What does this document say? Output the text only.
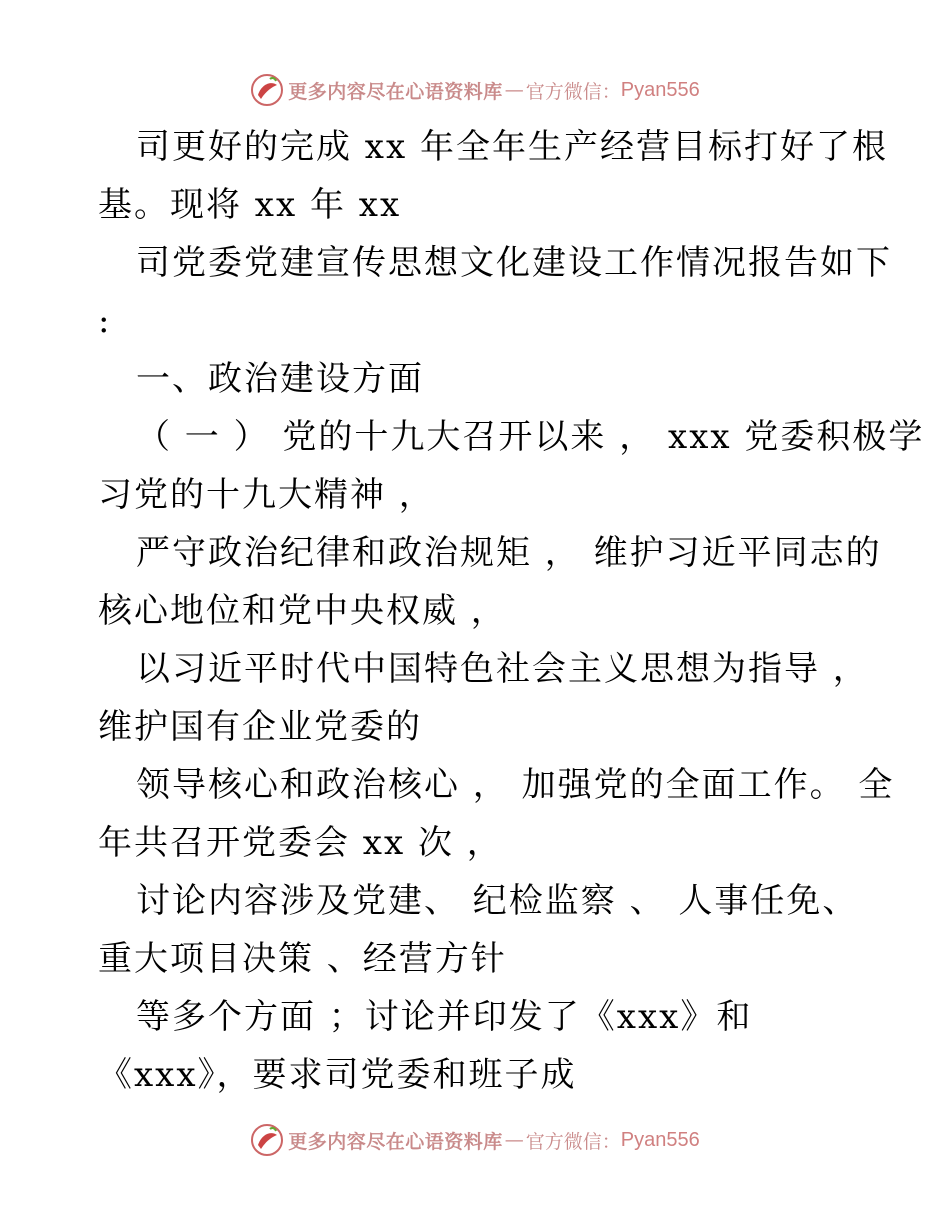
更多内容尽在心语资料库 — 官方微信： Pyan556
司更好的完成 xx 年全年生产经营目标打好了根
基。现将 xx 年 xx
司党委党建宣传思想文化建设工作情况报告如下
:
一、政治建设方面
（ 一 ） 党的十九大召开以来 ， xxx 党委积极学
习党的十九大精神 ，
严守政治纪律和政治规矩 ， 维护习近平同志的
核心地位和党中央权威 ，
以习近平时代中国特色社会主义思想为指导 ，
维护国有企业党委的
领导核心和政治核心 ， 加强党的全面工作。 全
年共召开党委会 xx 次 ，
讨论内容涉及党建、 纪检监察 、 人事任免、
重大项目决策 、经营方针
等多个方面 ；讨论并印发了《xxx》和
《xxx》，要求司党委和班子成
更多内容尽在心语资料库 — 官方微信： Pyan556
